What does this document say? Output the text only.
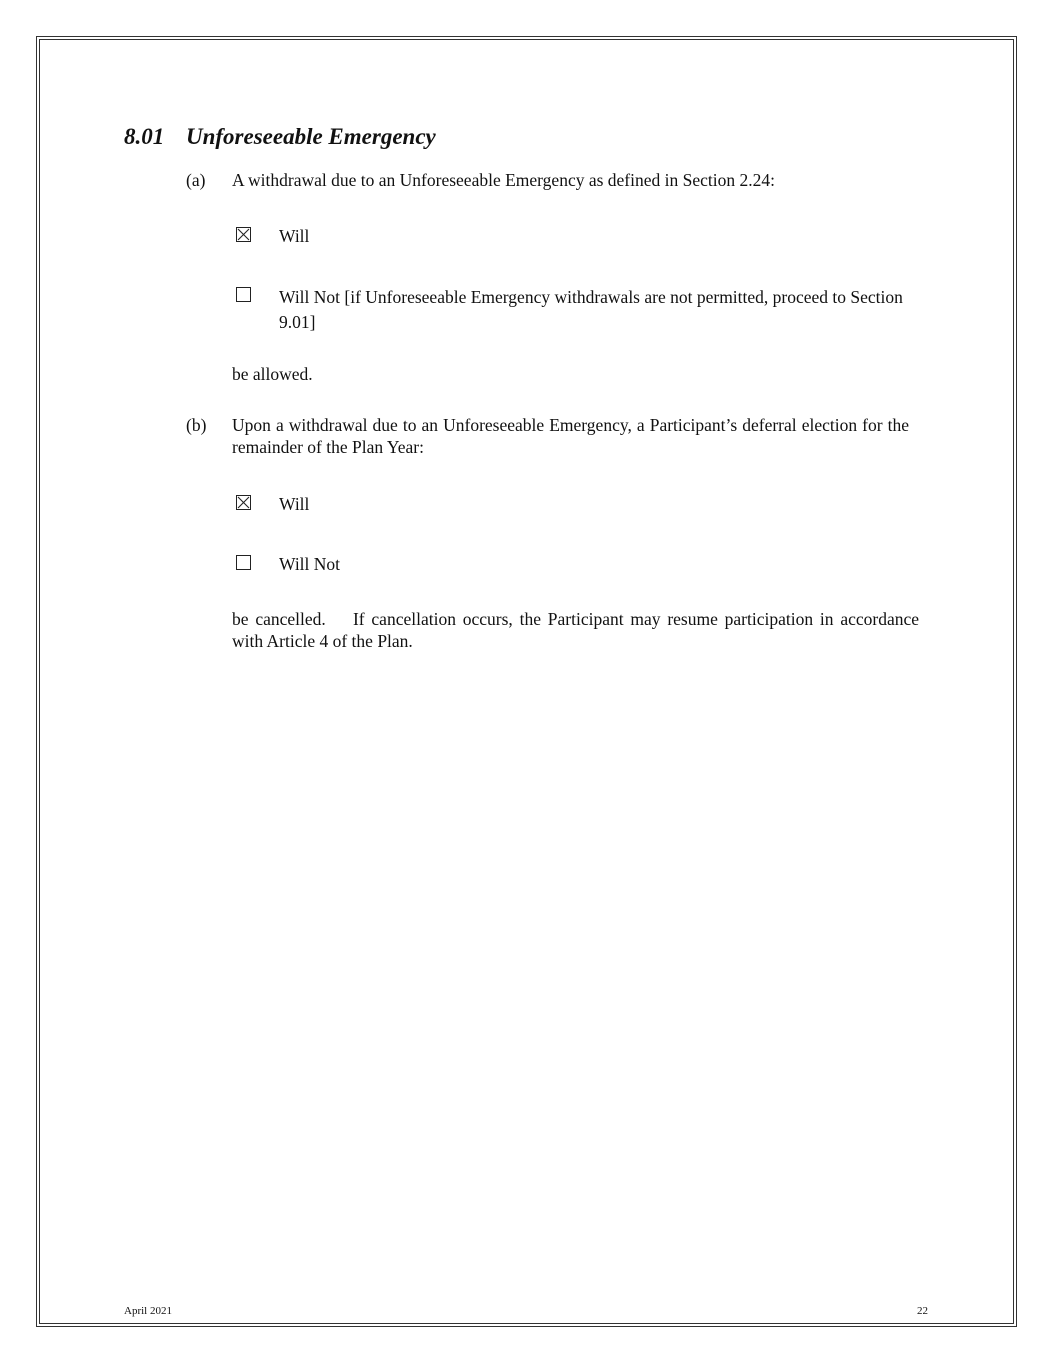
8.01 Unforeseeable Emergency
(a) A withdrawal due to an Unforeseeable Emergency as defined in Section 2.24:
Will
Will Not [if Unforeseeable Emergency withdrawals are not permitted, proceed to Section 9.01]
be allowed.
(b) Upon a withdrawal due to an Unforeseeable Emergency, a Participant’s deferral election for the remainder of the Plan Year:
Will
Will Not
be cancelled.    If cancellation occurs, the Participant may resume participation in accordance with Article 4 of the Plan.
April 2021	22
